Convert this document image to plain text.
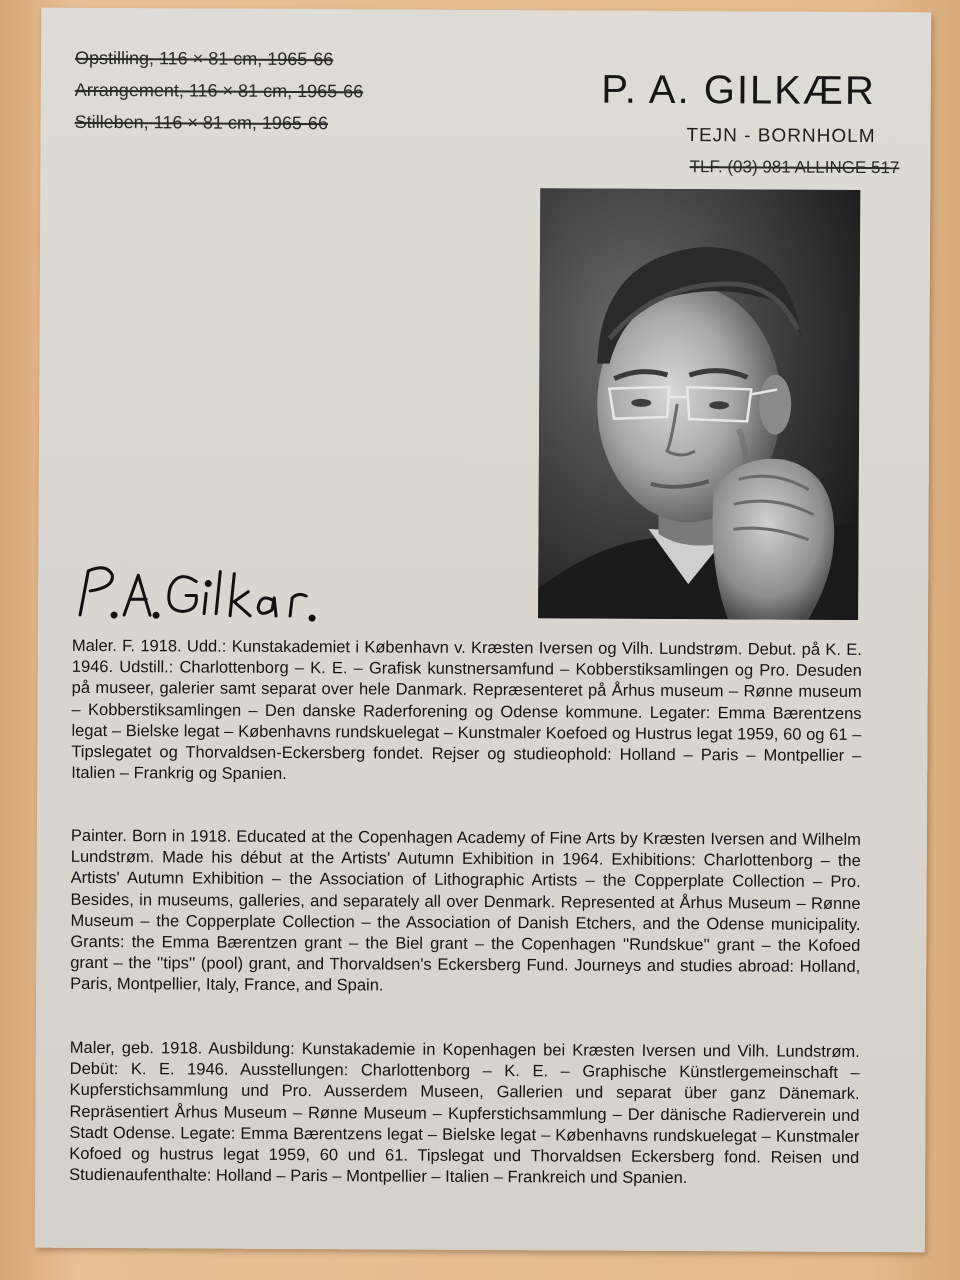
Opstilling, 116 × 81 cm, 1965-66
Arrangement, 116 × 81 cm, 1965-66
Stilleben, 116 × 81 cm, 1965-66
P. A. GILKÆR
TEJN - BORNHOLM
TLF. (03) 981 ALLINGE 517

Maler. F. 1918. Udd.: Kunstakademiet i København v. Kræsten Iversen og Vilh. Lundstrøm. Debut. på K. E. 1946. Udstill.: Charlottenborg – K. E. – Grafisk kunstnersamfund – Kobberstiksamlingen og Pro. Desuden på museer, galerier samt separat over hele Danmark. Repræsenteret på Århus museum – Rønne museum – Kobberstiksamlingen – Den danske Raderforening og Odense kommune. Legater: Emma Bærentzens legat – Bielske legat – Københavns rundskuelegat – Kunstmaler Koefoed og Hustrus legat 1959, 60 og 61 – Tipslegatet og Thorvaldsen-Eckersberg fondet. Rejser og studieophold: Holland – Paris – Montpellier – Italien – Frankrig og Spanien.

Painter. Born in 1918. Educated at the Copenhagen Academy of Fine Arts by Kræsten Iversen and Wilhelm Lundstrøm. Made his début at the Artists' Autumn Exhibition in 1964. Exhibitions: Charlottenborg – the Artists' Autumn Exhibition – the Association of Lithographic Artists – the Copperplate Collection – Pro. Besides, in museums, galleries, and separately all over Denmark. Represented at Århus Museum – Rønne Museum – the Copperplate Collection – the Association of Danish Etchers, and the Odense municipality. Grants: the Emma Bærentzen grant – the Biel grant – the Copenhagen ''Rundskue'' grant – the Kofoed grant – the ''tips'' (pool) grant, and Thorvaldsen's Eckersberg Fund. Journeys and studies abroad: Holland, Paris, Montpellier, Italy, France, and Spain.

Maler, geb. 1918. Ausbildung: Kunstakademie in Kopenhagen bei Kræsten Iversen und Vilh. Lundstrøm. Debüt: K. E. 1946. Ausstellungen: Charlottenborg – K. E. – Graphische Künstlergemeinschaft – Kupferstichsammlung und Pro. Ausserdem Museen, Gallerien und separat über ganz Dänemark. Repräsentiert Århus Museum – Rønne Museum – Kupferstichsammlung – Der dänische Radierverein und Stadt Odense. Legate: Emma Bærentzens legat – Bielske legat – Københavns rundskuelegat – Kunstmaler Kofoed og hustrus legat 1959, 60 und 61. Tipslegat und Thorvaldsen Eckersberg fond. Reisen und Studienaufenthalte: Holland – Paris – Montpellier – Italien – Frankreich und Spanien.
